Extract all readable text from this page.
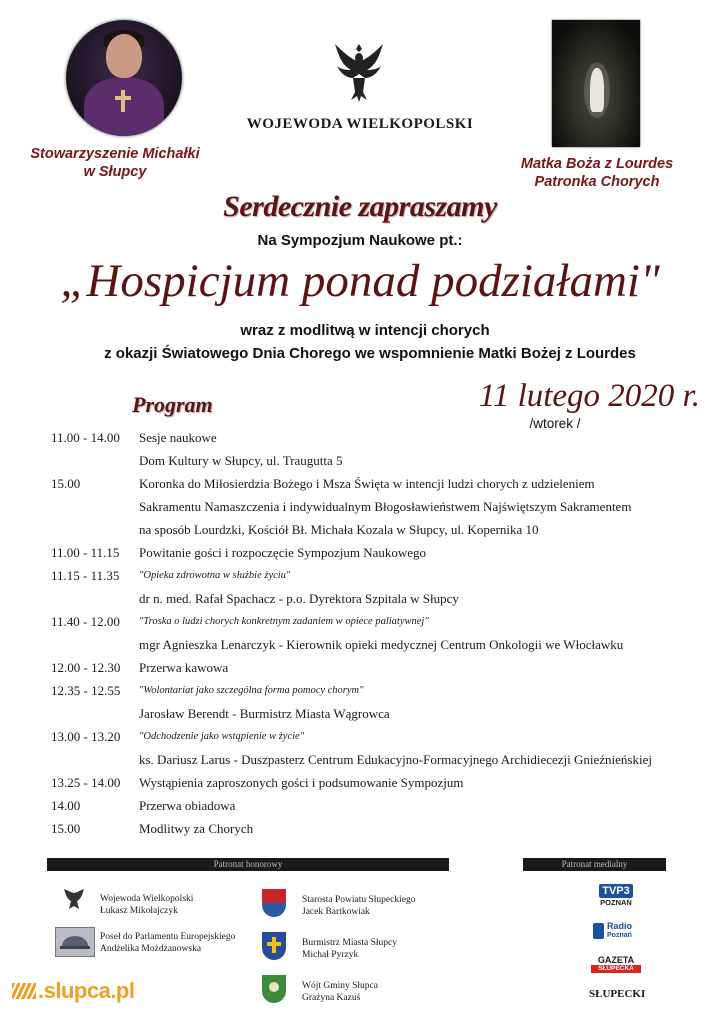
Stowarzyszenie Michałki
w Słupcy
WOJEWODA WIELKOPOLSKI
Matka Boża z Lourdes
Patronka Chorych
Serdecznie zapraszamy
Na Sympozjum Naukowe pt.:
„Hospicjum ponad podziałami"
wraz z modlitwą w intencji chorych
z okazji Światowego Dnia Chorego we wspomnienie Matki Bożej z Lourdes
Program	11 lutego 2020 r.
/wtorek /
11.00 - 14.00 Sesje naukowe
Dom Kultury w Słupcy, ul. Traugutta 5
15.00	Koronka do Miłosierdzia Bożego i Msza Święta w intencji ludzi chorych z udzieleniem
Sakramentu Namaszczenia i indywidualnym Błogosławieństwem Najświętszym Sakramentem
na sposób Lourdzki, Kościół Bł. Michała Kozala w Słupcy, ul. Kopernika 10
11.00 - 11.15 Powitanie gości i rozpoczęcie Sympozjum Naukowego
11.15 - 11.35 "Opieka zdrowotna w służbie życiu"
dr n. med. Rafał Spachacz - p.o. Dyrektora Szpitala w Słupcy
11.40 - 12.00 "Troska o ludzi chorych konkretnym zadaniem w opiece paliatywnej"
mgr Agnieszka Lenarczyk - Kierownik opieki medycznej Centrum Onkologii we Włocławku
12.00 - 12.30 Przerwa kawowa
12.35 - 12.55 "Wolontariat jako szczególna forma pomocy chorym"
Jarosław Berendt - Burmistrz Miasta Wągrowca
13.00 - 13.20 "Odchodzenie jako wstąpienie w życie"
ks. Dariusz Larus - Duszpasterz Centrum Edukacyjno-Formacyjnego Archidiecezji Gnieźnieńskiej
13.25 - 14.00 Wystąpienia zaproszonych gości i podsumowanie Sympozjum
14.00	Przerwa obiadowa
15.00	Modlitwy za Chorych
Patronat honorowy	Patronat medialny
Wojewoda Wielkopolski
Łukasz Mikołajczyk
Poseł do Parlamentu Europejskiego
Andżelika Możdżanowska
Starosta Powiatu Słupeckiego
Jacek Bartkowiak
Burmistrz Miasta Słupcy
Michał Pyrzyk
Wójt Gminy Słupca
Grażyna Kazuś
TVP3
POZNAŃ
Radio
Poznań
GAZETA
SŁUPECKA
SŁUPECKI
.slupca.pl
